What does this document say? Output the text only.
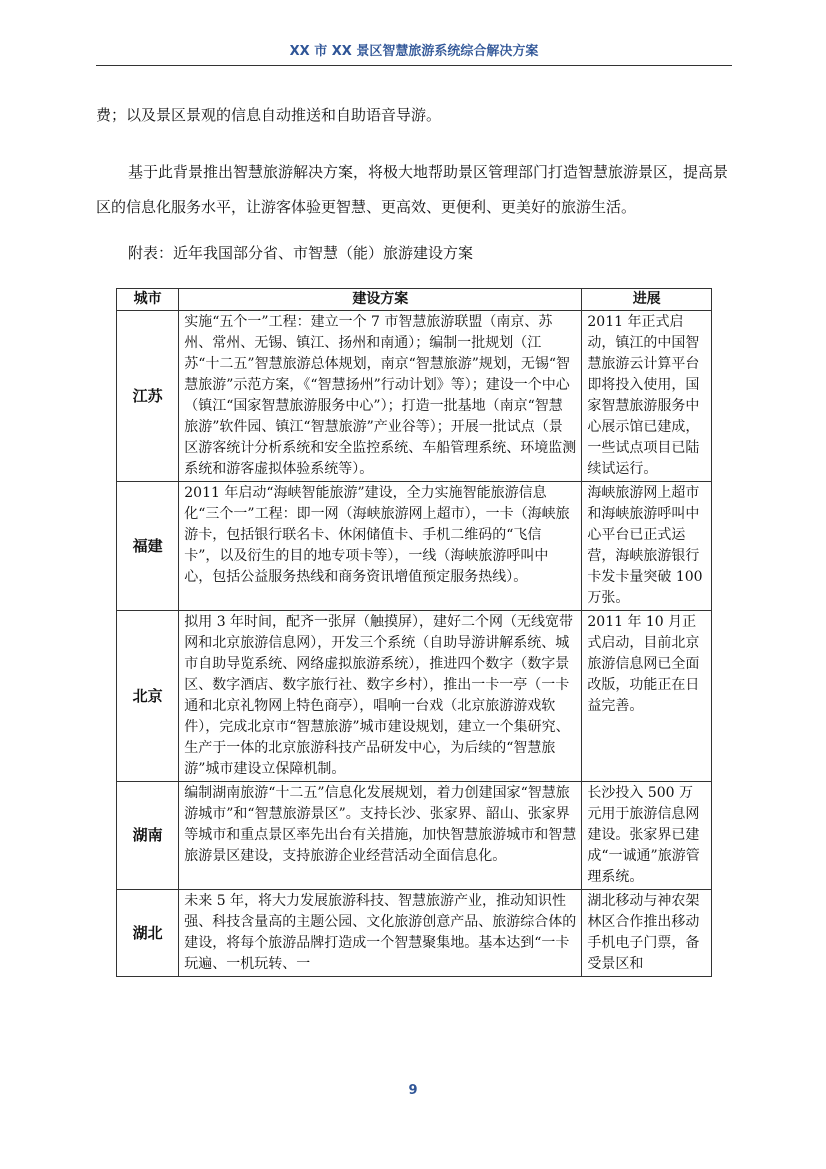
XX 市 XX 景区智慧旅游系统综合解决方案

费；以及景区景观的信息自动推送和自助语音导游。

基于此背景推出智慧旅游解决方案，将极大地帮助景区管理部门打造智慧旅游景区，提高景区的信息化服务水平，让游客体验更智慧、更高效、更便利、更美好的旅游生活。

附表：近年我国部分省、市智慧（能）旅游建设方案

城市	建设方案	进展
江苏	实施“五个一”工程：建立一个 7 市智慧旅游联盟（南京、苏州、常州、无锡、镇江、扬州和南通）；编制一批规划（江苏“十二五”智慧旅游总体规划，南京“智慧旅游”规划，无锡“智慧旅游”示范方案，《“智慧扬州”行动计划》等）；建设一个中心（镇江“国家智慧旅游服务中心”）；打造一批基地（南京“智慧旅游”软件园、镇江“智慧旅游”产业谷等）；开展一批试点（景区游客统计分析系统和安全监控系统、车船管理系统、环境监测系统和游客虚拟体验系统等）。	2011 年正式启动，镇江的中国智慧旅游云计算平台即将投入使用，国家智慧旅游服务中心展示馆已建成，一些试点项目已陆续试运行。
福建	2011 年启动“海峡智能旅游”建设，全力实施智能旅游信息化“三个一”工程：即一网（海峡旅游网上超市），一卡（海峡旅游卡，包括银行联名卡、休闲储值卡、手机二维码的“飞信卡”，以及衍生的目的地专项卡等），一线（海峡旅游呼叫中心，包括公益服务热线和商务资讯增值预定服务热线）。	海峡旅游网上超市和海峡旅游呼叫中心平台已正式运营，海峡旅游银行卡发卡量突破 100 万张。
北京	拟用 3 年时间，配齐一张屏（触摸屏），建好二个网（无线宽带网和北京旅游信息网），开发三个系统（自助导游讲解系统、城市自助导览系统、网络虚拟旅游系统），推进四个数字（数字景区、数字酒店、数字旅行社、数字乡村），推出一卡一亭（一卡通和北京礼物网上特色商亭），唱响一台戏（北京旅游游戏软件），完成北京市“智慧旅游”城市建设规划，建立一个集研究、生产于一体的北京旅游科技产品研发中心，为后续的“智慧旅游”城市建设立保障机制。	2011 年 10 月正式启动，目前北京旅游信息网已全面改版，功能正在日益完善。
湖南	编制湖南旅游“十二五”信息化发展规划，着力创建国家“智慧旅游城市”和“智慧旅游景区”。支持长沙、张家界、韶山、张家界等城市和重点景区率先出台有关措施，加快智慧旅游城市和智慧旅游景区建设，支持旅游企业经营活动全面信息化。	长沙投入 500 万元用于旅游信息网建设。张家界已建成“一诚通”旅游管理系统。
湖北	未来 5 年，将大力发展旅游科技、智慧旅游产业，推动知识性强、科技含量高的主题公园、文化旅游创意产品、旅游综合体的建设，将每个旅游品牌打造成一个智慧聚集地。基本达到“一卡玩遍、一机玩转、一	湖北移动与神农架林区合作推出移动手机电子门票，备受景区和
9
